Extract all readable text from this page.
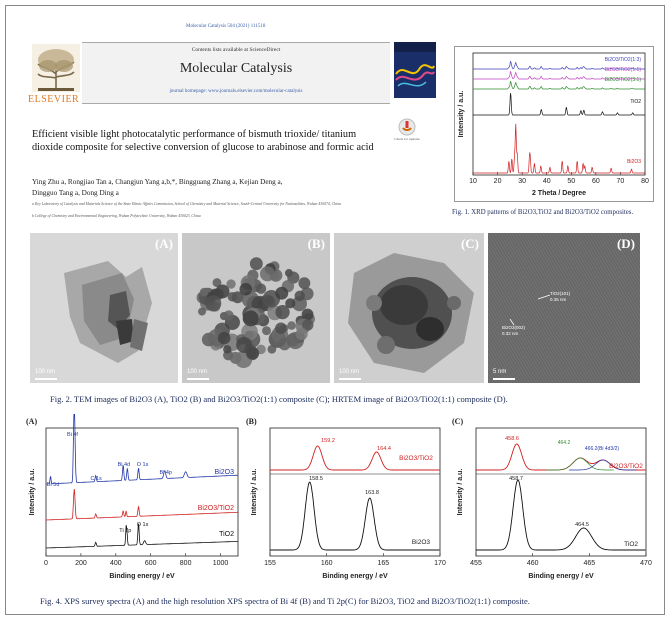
Molecular Catalysis 504 (2021) 111518
ELSEVIER
Contents lists available at ScienceDirect
Molecular Catalysis
journal homepage: www.journals.elsevier.com/molecular-catalysis
Efficient visible light photocatalytic performance of bismuth trioxide/ titanium dioxide composite for selective conversion of glucose to arabinose and formic acid
Check for updates
Ying Zhu a, Rongjiao Tan a, Changjun Yang a,b,*, Bingguang Zhang a, Kejian Deng a,
Dingguo Tang a, Dong Ding a
a Key Laboratory of Catalysis and Materials Science of the State Ethnic Affairs Commission, School of Chemistry and Material Science, South-Central University for Nationalities, Wuhan 430074, China
b College of Chemistry and Environmental Engineering, Wuhan Polytechnic University, Wuhan 430023, China
10 20 30 40 50 60 70 80
2 Theta / Degree
Intensity / a.u.
Bi2O3/TiO2(1:3)
Bi2O3/TiO2(1:1)
Bi2O3/TiO2(3:1)
TiO2
Bi2O3
Fig. 1. XRD patterns of Bi2O3,TiO2 and Bi2O3/TiO2 composites.
(A)
100 nm
(B)
100 nm
(C)
100 nm
(D)
TiO2(101)
0.35 nm
Bi2O3(002)
0.32 nm
5 nm
Fig. 2. TEM images of Bi2O3 (A), TiO2 (B) and Bi2O3/TiO2(1:1) composite (C); HRTEM image of Bi2O3/TiO2(1:1) composite (D).
(A)
0	200	400	600	800	1000
Binding energy / eV
Intensity / a.u.
Bi 4f
Bi 5d
C 1s
Bi 4d O 1s
Bi 4p
Ti 2p
O 1s
Bi2O3
Bi2O3/TiO2
TiO2
(B)
155	160	165	170
Binding energy / eV
Intensity / a.u.
159.2
164.4
Bi2O3/TiO2
158.5
163.8
Bi2O3
(C)
455	460	465	470
Binding energy / eV
Intensity / a.u.
458.6
464.2
466.2(Bi 4d3/2)
Bi2O3/TiO2
458.7
464.5
TiO2
Fig. 4. XPS survey spectra (A) and the high resolution XPS spectra of Bi 4f (B) and Ti 2p(C) for Bi2O3, TiO2 and Bi2O3/TiO2(1:1) composite.
